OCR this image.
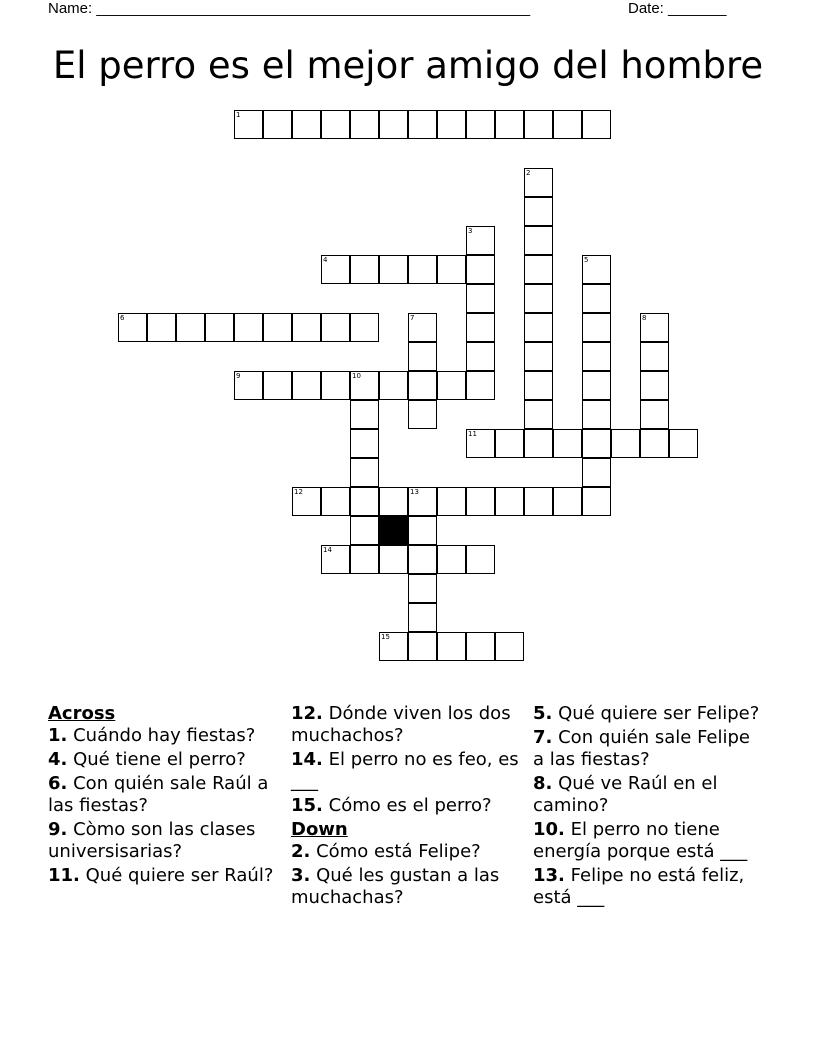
Name: ____________________________________________________	Date: _______
El perro es el mejor amigo del hombre
1
2
3
4	5
6	7	8
9	10
11
12	13
14
15
Across
1. Cuándo hay fiestas?
4. Qué tiene el perro?
6. Con quién sale Raúl a las fiestas?
9. Còmo son las clases universisarias?
11. Qué quiere ser Raúl?
12. Dónde viven los dos muchachos?
14. El perro no es feo, es ___
15. Cómo es el perro?
Down
2. Cómo está Felipe?
3. Qué les gustan a las muchachas?
5. Qué quiere ser Felipe?
7. Con quién sale Felipe a las fiestas?
8. Qué ve Raúl en el camino?
10. El perro no tiene energía porque está ___
13. Felipe no está feliz, está ___
